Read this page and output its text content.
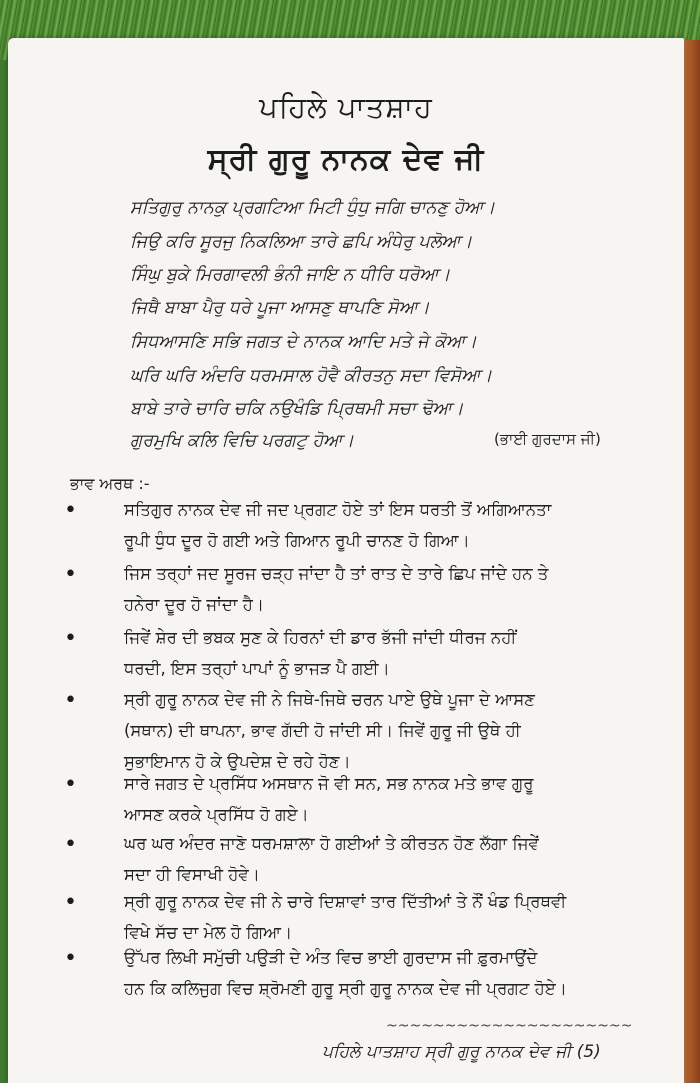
ਪਹਿਲੇ ਪਾਤਸ਼ਾਹ
ਸ੍ਰੀ ਗੁਰੂ ਨਾਨਕ ਦੇਵ ਜੀ
ਸਤਿਗੁਰੁ ਨਾਨਕੁ ਪ੍ਰਗਟਿਆ ਮਿਟੀ ਧੁੰਧੁ ਜਗਿ ਚਾਨਣੁ ਹੋਆ।
ਜਿਉ ਕਰਿ ਸੂਰਜੁ ਨਿਕਲਿਆ ਤਾਰੇ ਛਪਿ ਅੰਧੇਰੁ ਪਲੋਆ।
ਸਿੰਘੁ ਬੁਕੇ ਮਿਰਗਾਵਲੀ ਭੰਨੀ ਜਾਇ ਨ ਧੀਰਿ ਧਰੋਆ।
ਜਿਥੈ ਬਾਬਾ ਪੈਰੁ ਧਰੇ ਪੂਜਾ ਆਸਣੁ ਥਾਪਣਿ ਸੋਆ।
ਸਿਧਆਸਣਿ ਸਭਿ ਜਗਤ ਦੇ ਨਾਨਕ ਆਦਿ ਮਤੇ ਜੇ ਕੋਆ।
ਘਰਿ ਘਰਿ ਅੰਦਰਿ ਧਰਮਸਾਲ ਹੋਵੈ ਕੀਰਤਨੁ ਸਦਾ ਵਿਸੋਆ।
ਬਾਬੇ ਤਾਰੇ ਚਾਰਿ ਚਕਿ ਨਉਖੰਡਿ ਪ੍ਰਿਥਮੀ ਸਚਾ ਢੋਆ।
ਗੁਰਮੁਖਿ ਕਲਿ ਵਿਚਿ ਪਰਗਟੁ ਹੋਆ।	(ਭਾਈ ਗੁਰਦਾਸ ਜੀ)
ਭਾਵ ਅਰਥ :-
•	ਸਤਿਗੁਰ ਨਾਨਕ ਦੇਵ ਜੀ ਜਦ ਪ੍ਰਗਟ ਹੋਏ ਤਾਂ ਇਸ ਧਰਤੀ ਤੋਂ ਅਗਿਆਨਤਾ
ਰੂਪੀ ਧੁੰਧ ਦੂਰ ਹੋ ਗਈ ਅਤੇ ਗਿਆਨ ਰੂਪੀ ਚਾਨਣ ਹੋ ਗਿਆ।
•	ਜਿਸ ਤਰ੍ਹਾਂ ਜਦ ਸੂਰਜ ਚੜ੍ਹ ਜਾਂਦਾ ਹੈ ਤਾਂ ਰਾਤ ਦੇ ਤਾਰੇ ਛਿਪ ਜਾਂਦੇ ਹਨ ਤੇ
ਹਨੇਰਾ ਦੂਰ ਹੋ ਜਾਂਦਾ ਹੈ।
•	ਜਿਵੇਂ ਸ਼ੇਰ ਦੀ ਭਬਕ ਸੁਣ ਕੇ ਹਿਰਨਾਂ ਦੀ ਡਾਰ ਭੱਜੀ ਜਾਂਦੀ ਧੀਰਜ ਨਹੀਂ
ਧਰਦੀ, ਇਸ ਤਰ੍ਹਾਂ ਪਾਪਾਂ ਨੂੰ ਭਾਜੜ ਪੈ ਗਈ।
•	ਸ੍ਰੀ ਗੁਰੂ ਨਾਨਕ ਦੇਵ ਜੀ ਨੇ ਜਿਥੇ-ਜਿਥੇ ਚਰਨ ਪਾਏ ਉਥੇ ਪੂਜਾ ਦੇ ਆਸਣ
(ਸਥਾਨ) ਦੀ ਥਾਪਨਾ, ਭਾਵ ਗੱਦੀ ਹੋ ਜਾਂਦੀ ਸੀ। ਜਿਵੇਂ ਗੁਰੂ ਜੀ ਉਥੇ ਹੀ
ਸੁਭਾਇਮਾਨ ਹੋ ਕੇ ਉਪਦੇਸ਼ ਦੇ ਰਹੇ ਹੋਣ।
•	ਸਾਰੇ ਜਗਤ ਦੇ ਪ੍ਰਸਿੱਧ ਅਸਥਾਨ ਜੋ ਵੀ ਸਨ, ਸਭ ਨਾਨਕ ਮਤੇ ਭਾਵ ਗੁਰੂ
ਆਸਣ ਕਰਕੇ ਪ੍ਰਸਿੱਧ ਹੋ ਗਏ।
•	ਘਰ ਘਰ ਅੰਦਰ ਜਾਣੋ ਧਰਮਸ਼ਾਲਾ ਹੋ ਗਈਆਂ ਤੇ ਕੀਰਤਨ ਹੋਣ ਲੱਗਾ ਜਿਵੇਂ
ਸਦਾ ਹੀ ਵਿਸਾਖੀ ਹੋਵੇ।
•	ਸ੍ਰੀ ਗੁਰੂ ਨਾਨਕ ਦੇਵ ਜੀ ਨੇ ਚਾਰੇ ਦਿਸ਼ਾਵਾਂ ਤਾਰ ਦਿੱਤੀਆਂ ਤੇ ਨੌਂ ਖੰਡ ਪ੍ਰਿਥਵੀ
ਵਿਖੇ ਸੱਚ ਦਾ ਮੇਲ ਹੋ ਗਿਆ।
•	ਉੱਪਰ ਲਿਖੀ ਸਮੁੱਚੀ ਪਉੜੀ ਦੇ ਅੰਤ ਵਿਚ ਭਾਈ ਗੁਰਦਾਸ ਜੀ ਫ਼ੁਰਮਾਉਂਦੇ
ਹਨ ਕਿ ਕਲਿਜੁਗ ਵਿਚ ਸ਼੍ਰੋਮਣੀ ਗੁਰੂ ਸ੍ਰੀ ਗੁਰੂ ਨਾਨਕ ਦੇਵ ਜੀ ਪ੍ਰਗਟ ਹੋਏ।
~~~~~~~~~~~~~~~~~~~~~
ਪਹਿਲੇ ਪਾਤਸ਼ਾਹ ਸ੍ਰੀ ਗੁਰੂ ਨਾਨਕ ਦੇਵ ਜੀ (5)
